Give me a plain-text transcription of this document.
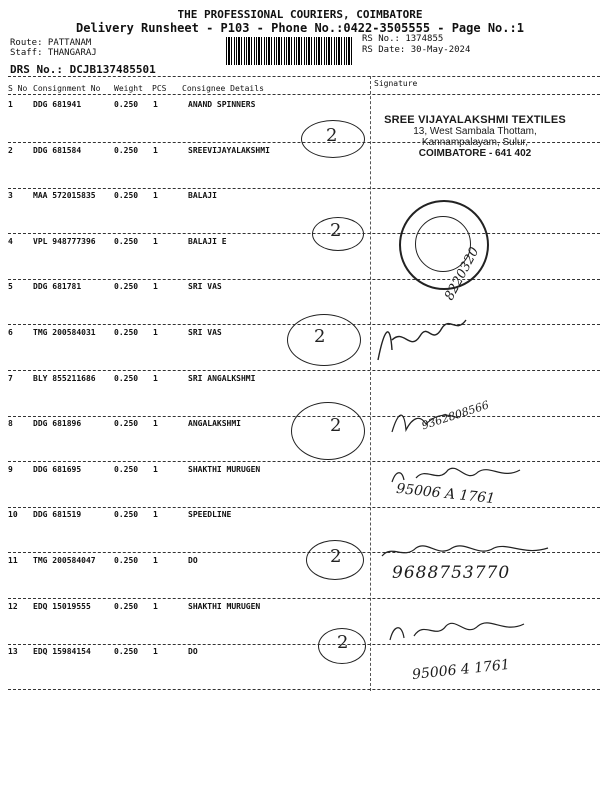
THE PROFESSIONAL COURIERS, COIMBATORE
Delivery Runsheet - P103 - Phone No.:0422-3505555 - Page No.:1
Route: PATTANAM
Staff: THANGARAJ
RS No.: 1374855
RS Date: 30-May-2024
DRS No.: DCJB137485501
S No Consignment No Weight PCS Consignee Details
Signature
1	DDG 681941	0.250 1	ANAND SPINNERS
2	DDG 681584	0.250 1	SREEVIJAYALAKSHMI
3	MAA 572015835 0.250 1	BALAJI
4	VPL 948777396 0.250 1	BALAJI E
5	DDG 681781	0.250 1	SRI VAS
6	TMG 200584031 0.250 1	SRI VAS
7	BLY 855211686 0.250 1	SRI ANGALKSHMI
8	DDG 681896	0.250 1	ANGALAKSHMI
9	DDG 681695	0.250 1	SHAKTHI MURUGEN
10 DDG 681519	0.250 1	SPEEDLINE
11 TMG 200584047 0.250 1	DO
12 EDQ 15019555	0.250 1	SHAKTHI MURUGEN
13 EDQ 15984154	0.250 1	DO
2
2
2
2
2
2
SREE VIJAYALAKSHMI TEXTILES
13, West Sambala Thottam,
Kannampalayam, Sulur,
COIMBATORE - 641 402
8220320
9362808566
95006 A 1761
9688753770
95006 4 1761
